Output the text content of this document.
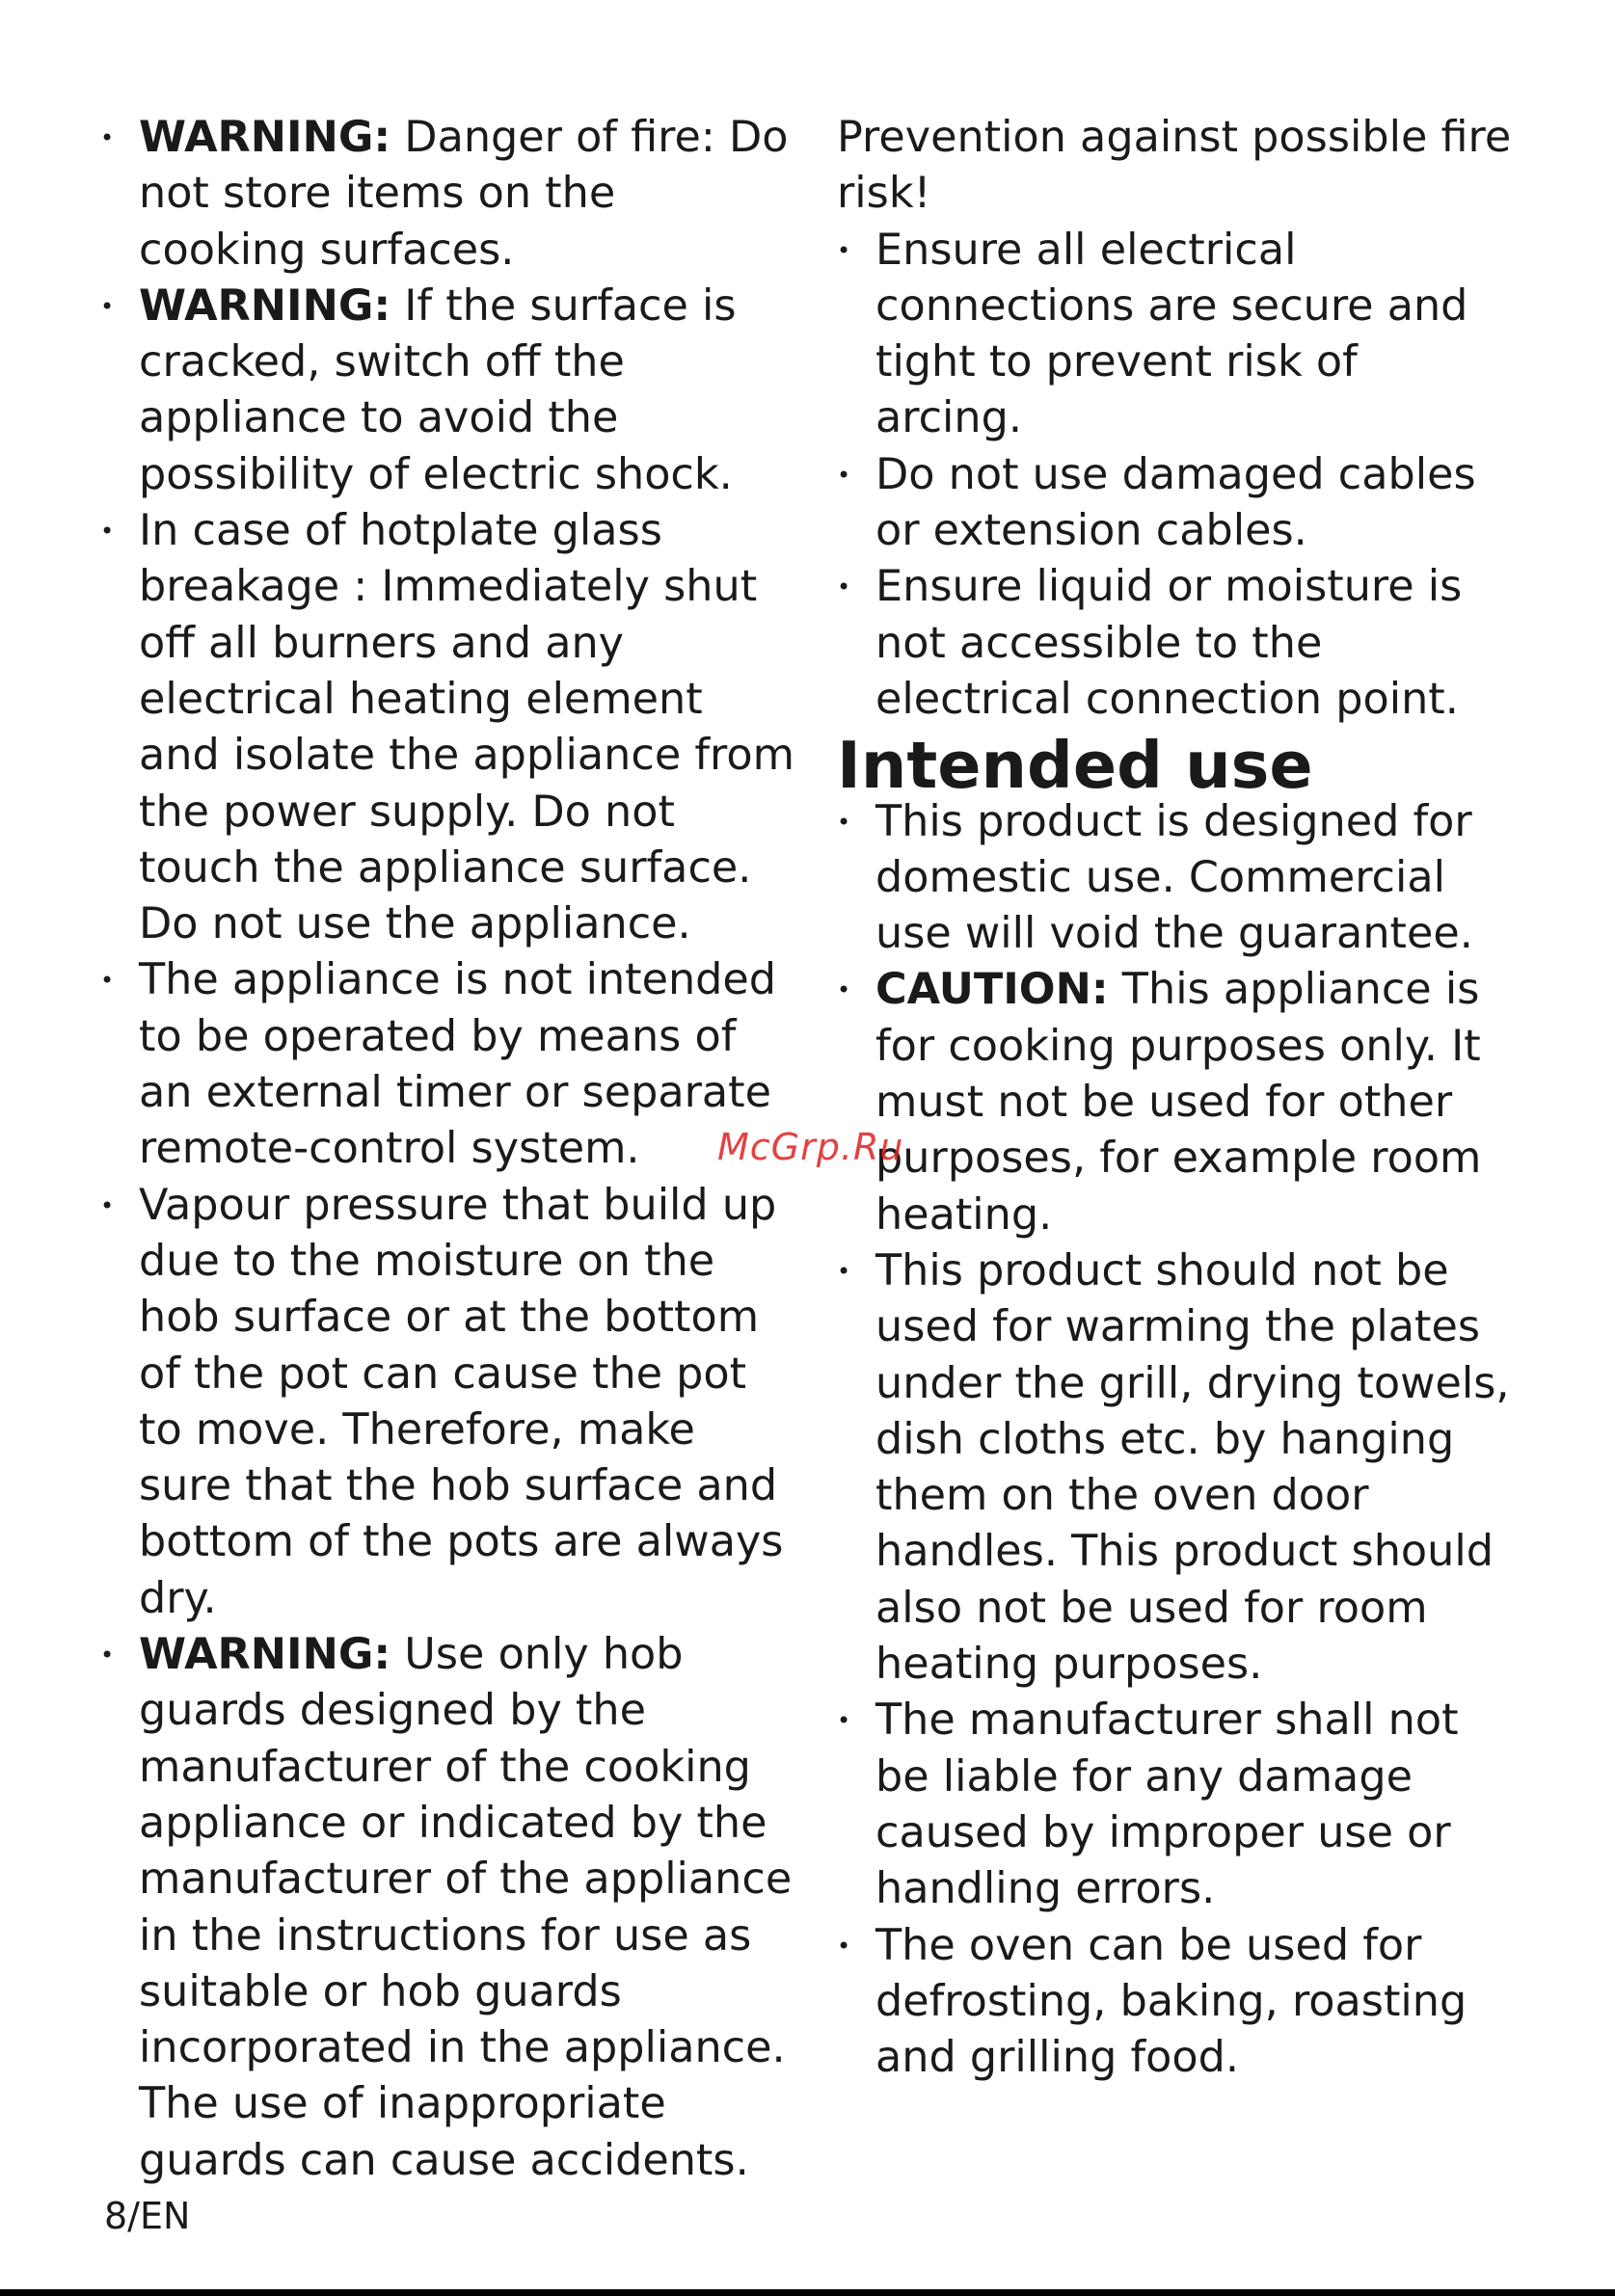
• WARNING: Danger of fire: Do not store items on the cooking surfaces.
• WARNING: If the surface is cracked, switch off the appliance to avoid the possibility of electric shock.
• In case of hotplate glass breakage : Immediately shut off all burners and any electrical heating element and isolate the appliance from the power supply. Do not touch the appliance surface. Do not use the appliance.
• The appliance is not intended to be operated by means of an external timer or separate remote-control system.
• Vapour pressure that build up due to the moisture on the hob surface or at the bottom of the pot can cause the pot to move. Therefore, make sure that the hob surface and bottom of the pots are always dry.
• WARNING: Use only hob guards designed by the manufacturer of the cooking appliance or indicated by the manufacturer of the appliance in the instructions for use as suitable or hob guards incorporated in the appliance. The use of inappropriate guards can cause accidents.

Prevention against possible fire risk!

• Ensure all electrical connections are secure and tight to prevent risk of arcing.
• Do not use damaged cables or extension cables.
• Ensure liquid or moisture is not accessible to the electrical connection point.
Intended use
• This product is designed for domestic use. Commercial use will void the guarantee.
• CAUTION: This appliance is for cooking purposes only. It must not be used for other purposes, for example room heating.
• This product should not be used for warming the plates under the grill, drying towels, dish cloths etc. by hanging them on the oven door handles. This product should also not be used for room heating purposes.
• The manufacturer shall not be liable for any damage caused by improper use or handling errors.
• The oven can be used for defrosting, baking, roasting and grilling food.
McGrp.Ru
8/EN
